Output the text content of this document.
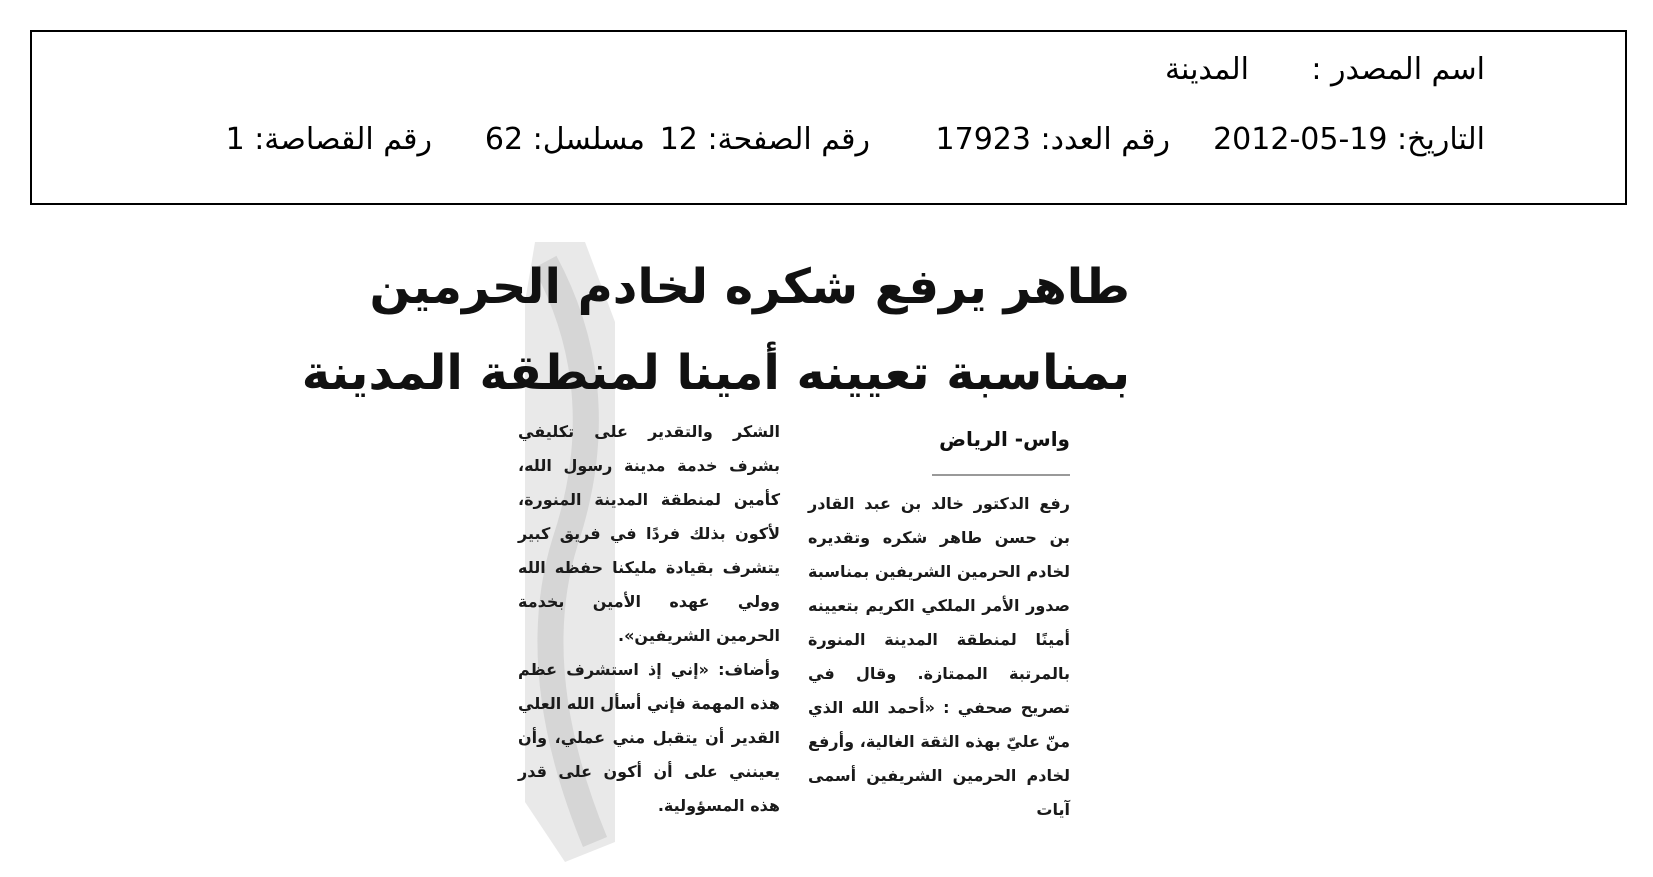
اسم المصدر :
المدينة
التاريخ: 19-05-2012
رقم العدد: 17923
رقم الصفحة: 12
مسلسل: 62
رقم القصاصة: 1
طاهر يرفع شكره لخادم الحرمين
بمناسبة تعيينه أمينا لمنطقة المدينة
واس- الرياض

رفع الدكتور خالد بن عبد القادر بن حسن طاهر شكره وتقديره لخادم الحرمين الشريفين بمناسبة صدور الأمر الملكي الكريم بتعيينه أمينًا لمنطقة المدينة المنورة بالمرتبة الممتازة. وقال في تصريح صحفي : «أحمد الله الذي منّ عليّ بهذه الثقة الغالية، وأرفع لخادم الحرمين الشريفين أسمى آيات

الشكر والتقدير على تكليفي بشرف خدمة مدينة رسول الله، كأمين لمنطقة المدينة المنورة، لأكون بذلك فردًا في فريق كبير يتشرف بقيادة مليكنا حفظه الله وولي عهده الأمين بخدمة الحرمين الشريفين».

وأضاف: «إني إذ استشرف عظم هذه المهمة فإني أسأل الله العلي القدير أن يتقبل مني عملي، وأن يعينني على أن أكون على قدر هذه المسؤولية.
